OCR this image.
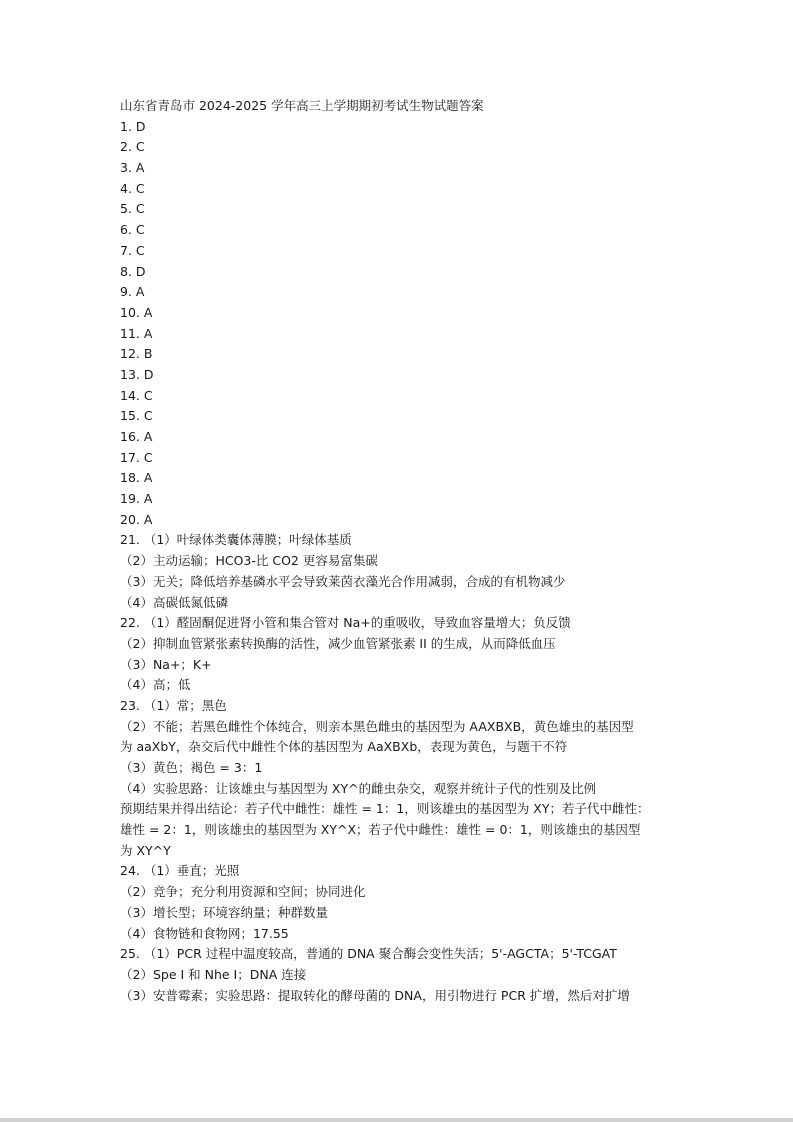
山东省青岛市 2024-2025 学年高三上学期期初考试生物试题答案
1. D
2. C
3. A
4. C
5. C
6. C
7. C
8. D
9. A
10. A
11. A
12. B
13. D
14. C
15. C
16. A
17. C
18. A
19. A
20. A
21. （1）叶绿体类囊体薄膜；叶绿体基质
（2）主动运输；HCO3-比 CO2 更容易富集碳
（3）无关；降低培养基磷水平会导致莱茵衣藻光合作用减弱，合成的有机物减少
（4）高碳低氮低磷
22. （1）醛固酮促进肾小管和集合管对 Na+的重吸收，导致血容量增大；负反馈
（2）抑制血管紧张素转换酶的活性，减少血管紧张素 II 的生成，从而降低血压
（3）Na+；K+
（4）高；低
23. （1）常；黑色
（2）不能；若黑色雌性个体纯合，则亲本黑色雌虫的基因型为 AAXBXB，黄色雄虫的基因型
为 aaXbY，杂交后代中雌性个体的基因型为 AaXBXb，表现为黄色，与题干不符
（3）黄色；褐色 = 3：1
（4）实验思路：让该雄虫与基因型为 XY^的雌虫杂交，观察并统计子代的性别及比例
预期结果并得出结论：若子代中雌性：雄性 = 1：1，则该雄虫的基因型为 XY；若子代中雌性：
雄性 = 2：1，则该雄虫的基因型为 XY^X；若子代中雌性：雄性 = 0：1，则该雄虫的基因型
为 XY^Y
24. （1）垂直；光照
（2）竞争；充分利用资源和空间；协同进化
（3）增长型；环境容纳量；种群数量
（4）食物链和食物网；17.55
25. （1）PCR 过程中温度较高，普通的 DNA 聚合酶会变性失活；5'-AGCTA；5'-TCGAT
（2）Spe I 和 Nhe I；DNA 连接
（3）安普霉素；实验思路：提取转化的酵母菌的 DNA，用引物进行 PCR 扩增，然后对扩增
